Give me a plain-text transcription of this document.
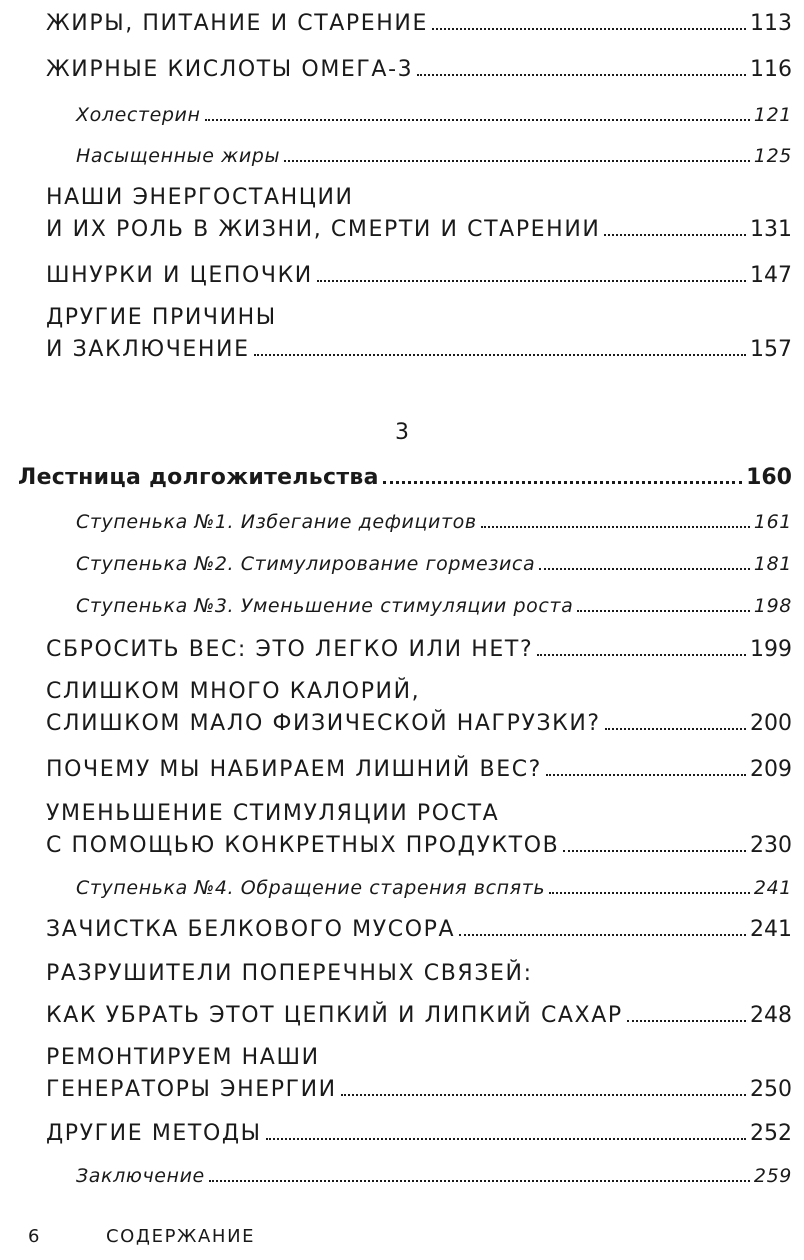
ЖИРЫ, ПИТАНИЕ И СТАРЕНИЕ	113
ЖИРНЫЕ КИСЛОТЫ ОМЕГА-3	116
Холестерин	121
Насыщенные жиры	125
НАШИ ЭНЕРГОСТАНЦИИ
И ИХ РОЛЬ В ЖИЗНИ, СМЕРТИ И СТАРЕНИИ	131
ШНУРКИ И ЦЕПОЧКИ	147
ДРУГИЕ ПРИЧИНЫ
И ЗАКЛЮЧЕНИЕ	157
Лестница долгожительства	160
Ступенька №1. Избегание дефицитов	161
Ступенька №2. Стимулирование гормезиса	181
Ступенька №3. Уменьшение стимуляции роста	198
СБРОСИТЬ ВЕС: ЭТО ЛЕГКО ИЛИ НЕТ?	199
СЛИШКОМ МНОГО КАЛОРИЙ,
СЛИШКОМ МАЛО ФИЗИЧЕСКОЙ НАГРУЗКИ?	200
ПОЧЕМУ МЫ НАБИРАЕМ ЛИШНИЙ ВЕС?	209
УМЕНЬШЕНИЕ СТИМУЛЯЦИИ РОСТА
С ПОМОЩЬЮ КОНКРЕТНЫХ ПРОДУКТОВ	230
Ступенька №4. Обращение старения вспять	241
ЗАЧИСТКА БЕЛКОВОГО МУСОРА	241
РАЗРУШИТЕЛИ ПОПЕРЕЧНЫХ СВЯЗЕЙ:
КАК УБРАТЬ ЭТОТ ЦЕПКИЙ И ЛИПКИЙ САХАР	248
РЕМОНТИРУЕМ НАШИ
ГЕНЕРАТОРЫ ЭНЕРГИИ	250
ДРУГИЕ МЕТОДЫ	252
Заключение	259
3
6	СОДЕРЖАНИЕ
